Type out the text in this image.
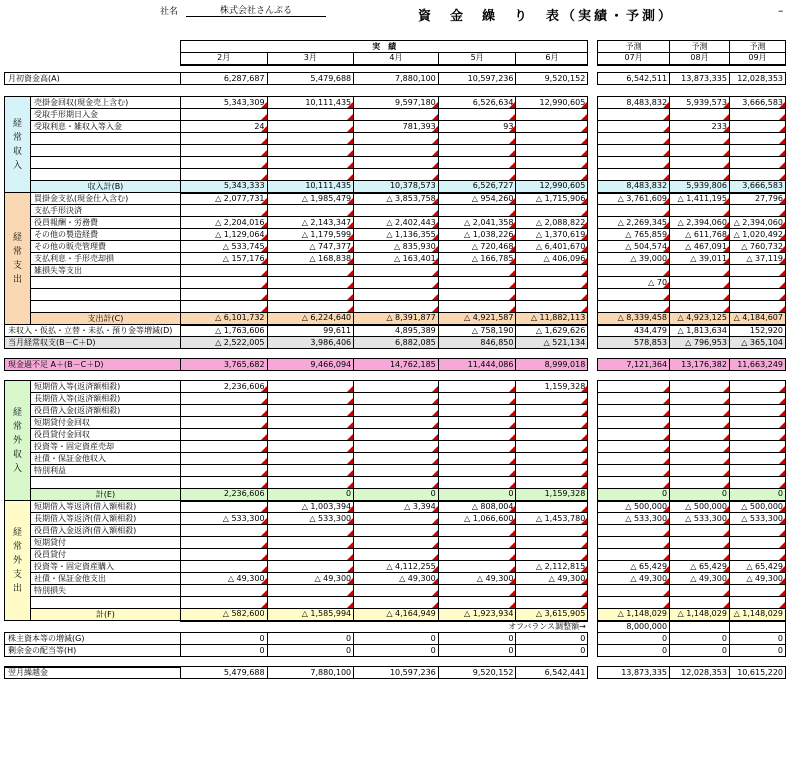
社名	株式会社さんぷる	資　金　繰　り　表（実績・予測）	–
		実　績						予測	予測	予測
		2月	3月	4月	5月	6月		07月	08月	09月

月初資金高(A)		6,287,687	5,479,688	7,880,100	10,597,236	9,520,152		6,542,511	13,873,335	12,028,353

経
常
収
入	売掛金回収(現金売上含む)	5,343,309	10,111,435	9,597,180	6,526,634	12,990,605		8,483,832	5,939,573	3,666,583
	受取手形期日入金									
	受取利息・雑収入等入金	24		781,393	93				233	

	収入計(B)	5,343,333	10,111,435	10,378,573	6,526,727	12,990,605		8,483,832	5,939,806	3,666,583

経
常
支
出	買掛金支払(現金仕入含む)	△ 2,077,731	△ 1,985,479	△ 3,853,758	△ 954,260	△ 1,715,906		△ 3,761,609	△ 1,411,195	27,796
	支払手形決済									
	役員報酬・労務費	△ 2,204,016	△ 2,143,347	△ 2,402,443	△ 2,041,358	△ 2,088,822		△ 2,269,345	△ 2,394,060	△ 2,394,060
	その他の製造経費	△ 1,129,064	△ 1,179,599	△ 1,136,355	△ 1,038,226	△ 1,370,619		△ 765,859	△ 611,768	△ 1,020,492
	その他の販売管理費	△ 533,745	△ 747,377	△ 835,930	△ 720,468	△ 6,401,670		△ 504,574	△ 467,091	△ 760,732
	支払利息・手形売却損	△ 157,176	△ 168,838	△ 163,401	△ 166,785	△ 406,096		△ 39,000	△ 39,011	△ 37,119
	雑損失等支出									
								△ 70		

	支出計(C)	△ 6,101,732	△ 6,224,640	△ 8,391,877	△ 4,921,587	△ 11,882,113		△ 8,339,458	△ 4,923,125	△ 4,184,607
未収入・仮払・立替・未払・預り金等増減(D)		△ 1,763,606	99,611	4,895,389	△ 758,190	△ 1,629,626		434,479	△ 1,813,634	152,920
当月経常収支(B－C＋D)		△ 2,522,005	3,986,406	6,882,085	846,850	△ 521,134		578,853	△ 796,953	△ 365,104

現金過不足 A＋(B－C＋D)		3,765,682	9,466,094	14,762,185	11,444,086	8,999,018		7,121,364	13,176,382	11,663,249

経
常
外
収
入	短期借入等(返済額相殺)	2,236,606				1,159,328				
	長期借入等(返済額相殺)									
	役員借入金(返済額相殺)									
	短期貸付金回収									
	役員貸付金回収									
	投資等・固定資産売却									
	社債・保証金他収入									
	特別利益									

	計(E)	2,236,606	0	0	0	1,159,328		0	0	0

経
常
外
支
出	短期借入等返済(借入額相殺)		△ 1,003,394	△ 3,394	△ 808,004			△ 500,000	△ 500,000	△ 500,000
	長期借入等返済(借入額相殺)	△ 533,300	△ 533,300		△ 1,066,600	△ 1,453,780		△ 533,300	△ 533,300	△ 533,300
	役員借入金返済(借入額相殺)									
	短期貸付									
	役員貸付									
	投資等・固定資産購入			△ 4,112,255		△ 2,112,815		△ 65,429	△ 65,429	△ 65,429
	社債・保証金他支出	△ 49,300	△ 49,300	△ 49,300	△ 49,300	△ 49,300		△ 49,300	△ 49,300	△ 49,300
	特別損失									

	計(F)	△ 582,600	△ 1,585,994	△ 4,164,949	△ 1,923,934	△ 3,615,905		△ 1,148,029	△ 1,148,029	△ 1,148,029
					オフバランス調整額→			8,000,000		
株主資本等の増減(G)		0	0	0	0	0		0	0	0
剰余金の配当等(H)		0	0	0	0	0		0	0	0

翌月繰越金		5,479,688	7,880,100	10,597,236	9,520,152	6,542,441		13,873,335	12,028,353	10,615,220
